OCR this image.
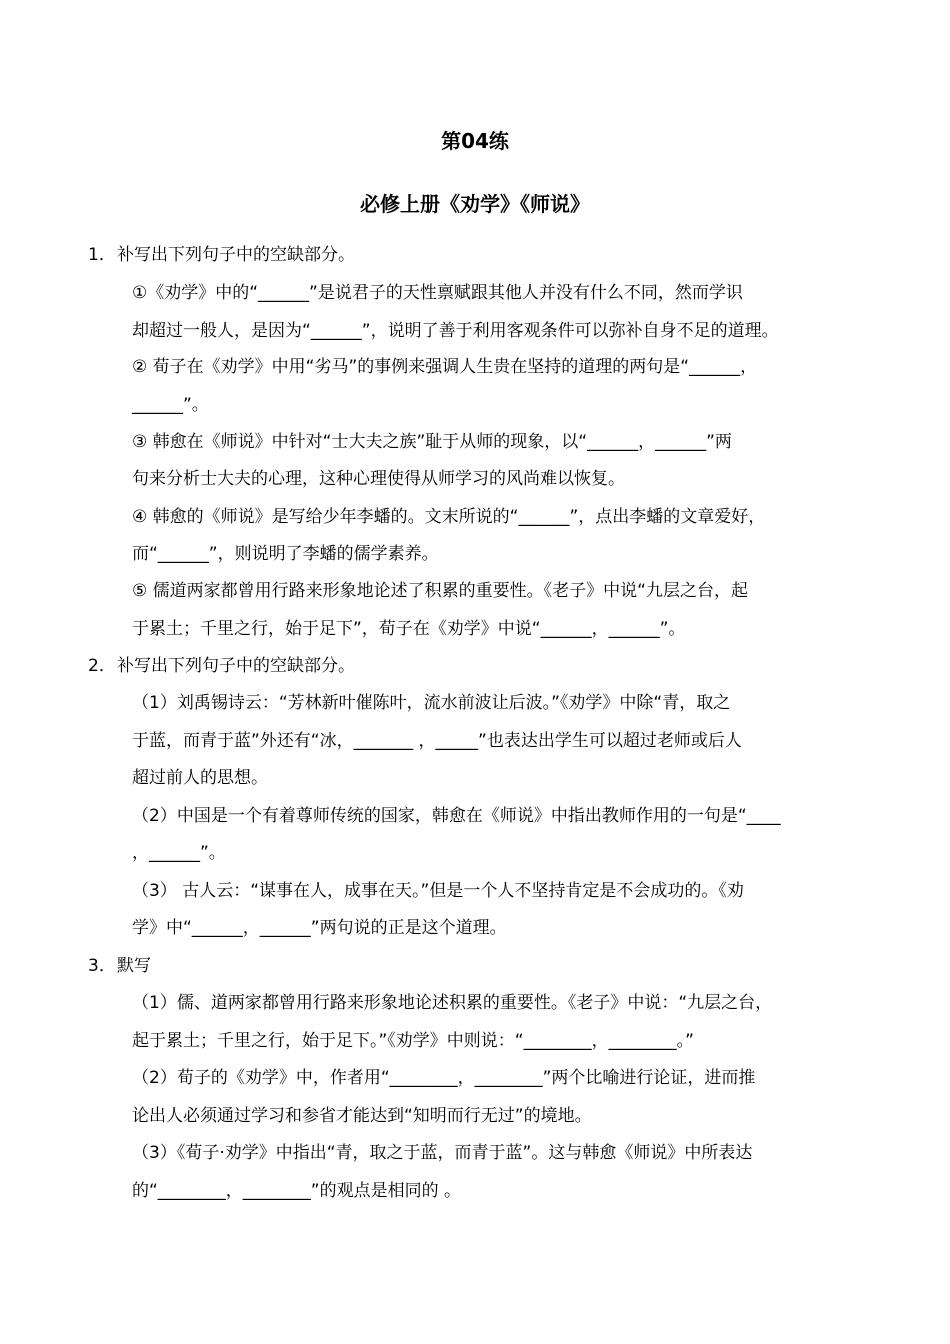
第04练
必修上册《劝学》《师说》
1． 补写出下列句子中的空缺部分。
①《劝学》中的“______”是说君子的天性禀赋跟其他人并没有什么不同，然而学识
却超过一般人，是因为“______”，说明了善于利用客观条件可以弥补自身不足的道理。
② 荀子在《劝学》中用“劣马”的事例来强调人生贵在坚持的道理的两句是“______，
______”。
③ 韩愈在《师说》中针对“士大夫之族”耻于从师的现象，以“______，______”两
句来分析士大夫的心理，这种心理使得从师学习的风尚难以恢复。
④ 韩愈的《师说》是写给少年李蟠的。文末所说的“______”，点出李蟠的文章爱好，
而“______”，则说明了李蟠的儒学素养。
⑤ 儒道两家都曾用行路来形象地论述了积累的重要性。《老子》中说“九层之台，起
于累土；千里之行，始于足下”，荀子在《劝学》中说“______，______”。
2． 补写出下列句子中的空缺部分。
（1）刘禹锡诗云：“芳林新叶催陈叶，流水前波让后波。”《劝学》中除“青，取之
于蓝，而青于蓝”外还有“冰，_______ ，_____”也表达出学生可以超过老师或后人
超过前人的思想。
（2）中国是一个有着尊师传统的国家，韩愈在《师说》中指出教师作用的一句是“____
，______”。
（3） 古人云：“谋事在人，成事在天。”但是一个人不坚持肯定是不会成功的。《劝
学》中“______，______”两句说的正是这个道理。
3． 默写
（1）儒、道两家都曾用行路来形象地论述积累的重要性。《老子》中说：“九层之台，
起于累土；千里之行，始于足下。”《劝学》中则说：“________，________。”
（2）荀子的《劝学》中，作者用“________，________”两个比喻进行论证，进而推
论出人必须通过学习和参省才能达到“知明而行无过”的境地。
（3）《荀子·劝学》中指出“青，取之于蓝，而青于蓝”。这与韩愈《师说》中所表达
的“________，________”的观点是相同的 。
